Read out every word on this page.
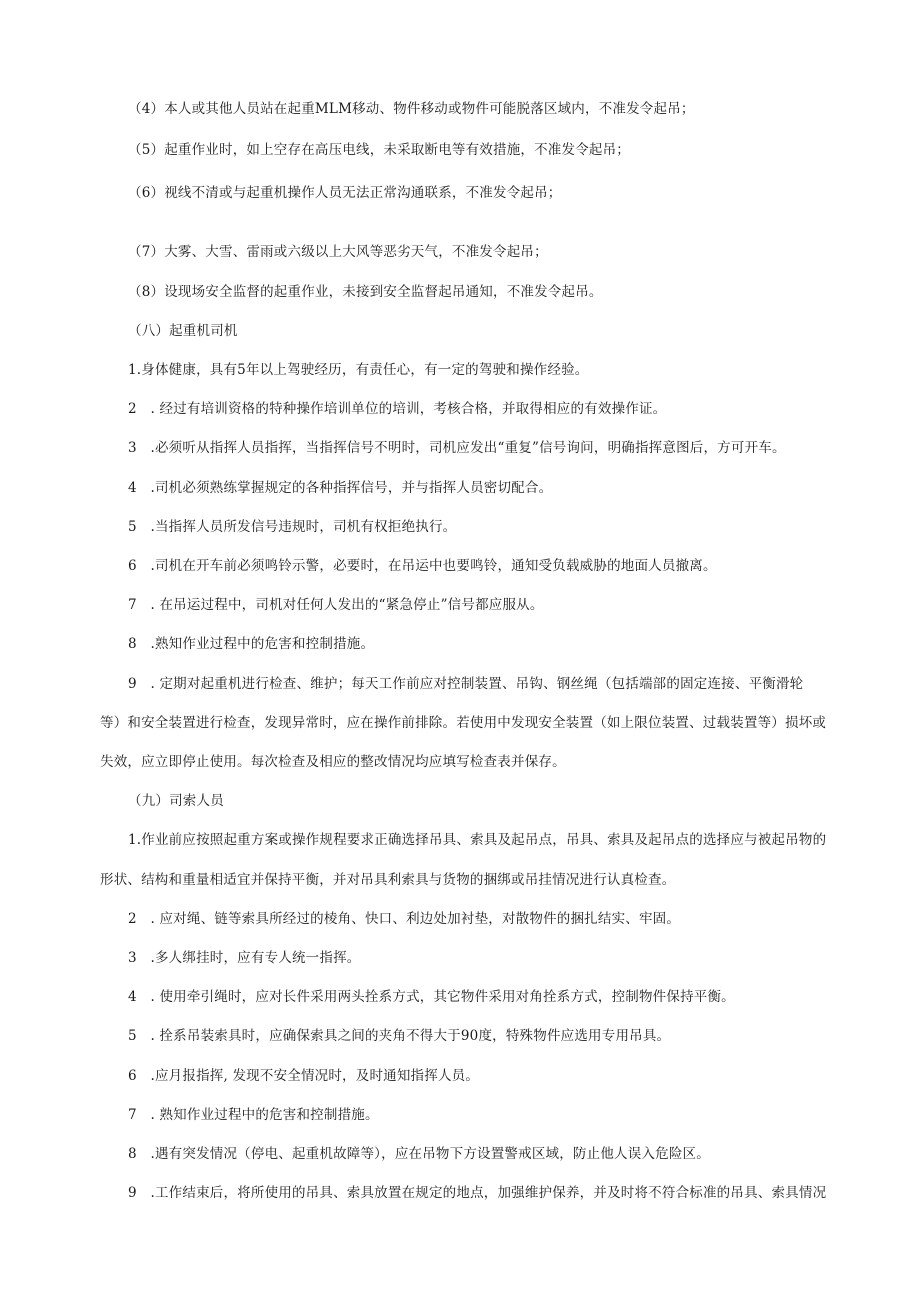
（4）本人或其他人员站在起重MLM移动、物件移动或物件可能脱落区域内，不准发令起吊；
（5）起重作业时，如上空存在高压电线，未采取断电等有效措施，不准发令起吊；
（6）视线不清或与起重机操作人员无法正常沟通联系，不准发令起吊；
（7）大雾、大雪、雷雨或六级以上大风等恶劣天气，不准发令起吊；
（8）设现场安全监督的起重作业，未接到安全监督起吊通知，不准发令起吊。
（八）起重机司机
1.身体健康，具有5年以上驾驶经历，有责任心，有一定的驾驶和操作经验。
2　. 经过有培训资格的特种操作培训单位的培训，考核合格，并取得相应的有效操作证。
3　.必须听从指挥人员指挥，当指挥信号不明时，司机应发出“重复”信号询问，明确指挥意图后，方可开车。
4　.司机必须熟练掌握规定的各种指挥信号，并与指挥人员密切配合。
5　.当指挥人员所发信号违规时，司机有权拒绝执行。
6　.司机在开车前必须鸣铃示警，必要时，在吊运中也要鸣铃，通知受负载威胁的地面人员撤离。
7　. 在吊运过程中，司机对任何人发出的“紧急停止”信号都应服从。
8　.熟知作业过程中的危害和控制措施。
9　. 定期对起重机进行检查、维护；每天工作前应对控制装置、吊钩、钢丝绳（包括端部的固定连接、平衡滑轮
等）和安全装置进行检查，发现异常时，应在操作前排除。若使用中发现安全装置（如上限位装置、过载装置等）损坏或
失效，应立即停止使用。每次检查及相应的整改情况均应填写检查表并保存。
（九）司索人员
1.作业前应按照起重方案或操作规程要求正确选择吊具、索具及起吊点，吊具、索具及起吊点的选择应与被起吊物的
形状、结构和重量相适宜并保持平衡，并对吊具利索具与货物的捆绑或吊挂情况进行认真检查。
2　. 应对绳、链等索具所经过的棱角、快口、利边处加衬垫，对散物件的捆扎结实、牢固。
3　.多人绑挂时，应有专人统一指挥。
4　. 使用牵引绳时，应对长件采用两头拴系方式，其它物件采用对角拴系方式，控制物件保持平衡。
5　. 拴系吊装索具时，应确保索具之间的夹角不得大于90度，特殊物件应选用专用吊具。
6　.应月报指挥, 发现不安全情况时，及时通知指挥人员。
7　. 熟知作业过程中的危害和控制措施。
8　.遇有突发情况（停电、起重机故障等），应在吊物下方设置警戒区域，防止他人误入危险区。
9　.工作结束后，将所使用的吊具、索具放置在规定的地点，加强维护保养，并及时将不符合标准的吊具、索具情况
